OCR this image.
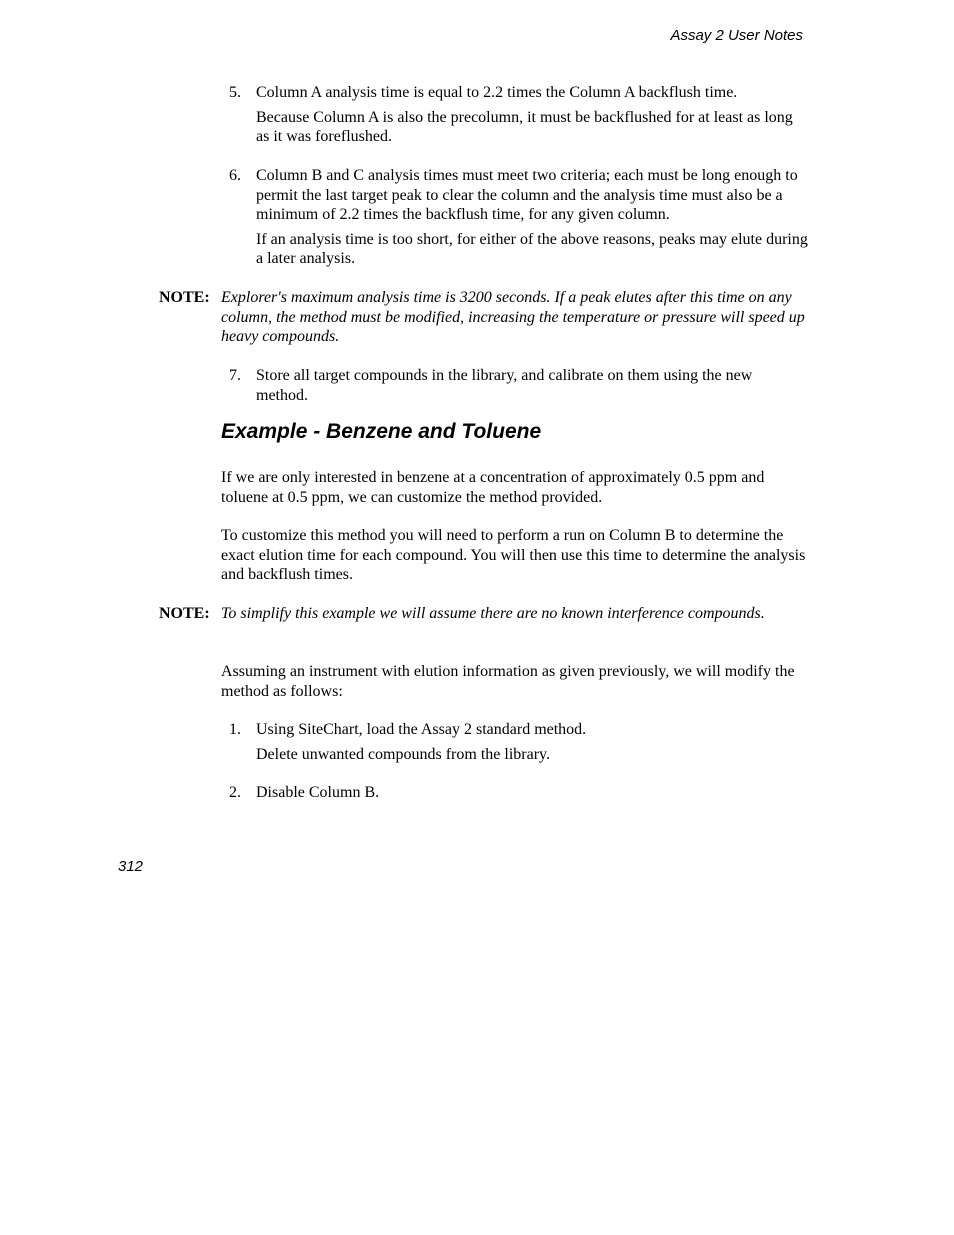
Assay 2 User Notes
5. Column A analysis time is equal to 2.2 times the Column A backflush time.

Because Column A is also the precolumn, it must be backflushed for at least as long as it was foreflushed.

6. Column B and C analysis times must meet two criteria; each must be long enough to permit the last target peak to clear the column and the analysis time must also be a minimum of 2.2 times the backflush time, for any given column.

If an analysis time is too short, for either of the above reasons, peaks may elute during a later analysis.

NOTE: Explorer's maximum analysis time is 3200 seconds. If a peak elutes after this time on any column, the method must be modified, increasing the temperature or pressure will speed up heavy compounds.

7. Store all target compounds in the library, and calibrate on them using the new method.

Example - Benzene and Toluene

If we are only interested in benzene at a concentration of approximately 0.5 ppm and toluene at 0.5 ppm, we can customize the method provided.

To customize this method you will need to perform a run on Column B to determine the exact elution time for each compound. You will then use this time to determine the analysis and backflush times.

NOTE: To simplify this example we will assume there are no known interference compounds.

Assuming an instrument with elution information as given previously, we will modify the method as follows:

1. Using SiteChart, load the Assay 2 standard method.

Delete unwanted compounds from the library.

2. Disable Column B.

312
